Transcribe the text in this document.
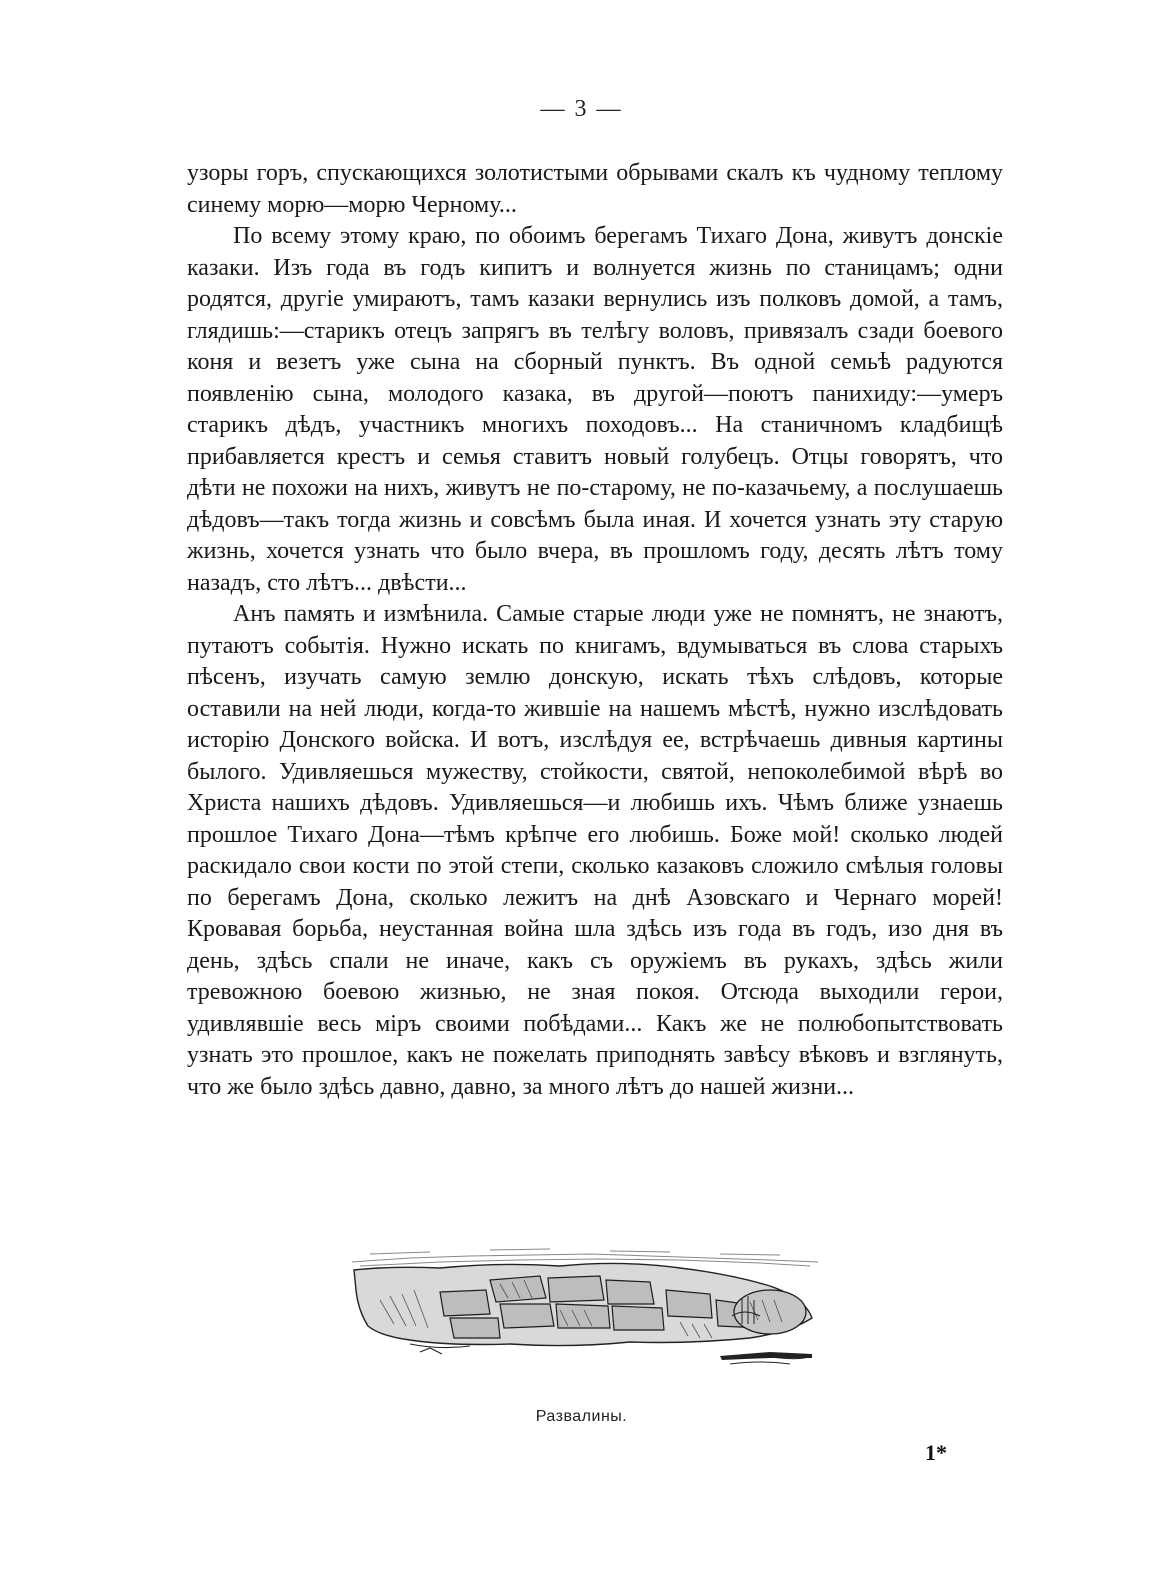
— 3 —

узоры горъ, спускающихся золотистыми обрывами скалъ къ чудному теплому синему морю—морю Черному...

По всему этому краю, по обоимъ берегамъ Тихаго Дона, живутъ донскіе казаки. Изъ года въ годъ кипитъ и волнуется жизнь по станицамъ; одни родятся, другіе умираютъ, тамъ казаки вернулись изъ полковъ домой, а тамъ, глядишь:—старикъ отецъ запрягъ въ телѣгу воловъ, привязалъ сзади боевого коня и везетъ уже сына на сборный пунктъ. Въ одной семьѣ радуются появленію сына, молодого казака, въ другой—поютъ панихиду:—умеръ старикъ дѣдъ, участникъ многихъ походовъ... На станичномъ кладбищѣ прибавляется крестъ и семья ставитъ новый голубецъ. Отцы говорятъ, что дѣти не похожи на нихъ, живутъ не по-старому, не по-казачьему, а послушаешь дѣдовъ—такъ тогда жизнь и совсѣмъ была иная. И хочется узнать эту старую жизнь, хочется узнать что было вчера, въ прошломъ году, десять лѣтъ тому назадъ, сто лѣтъ... двѣсти...

Анъ память и измѣнила. Самые старые люди уже не помнятъ, не знаютъ, путаютъ событія. Нужно искать по книгамъ, вдумываться въ слова старыхъ пѣсенъ, изучать самую землю донскую, искать тѣхъ слѣдовъ, которые оставили на ней люди, когда-то жившіе на нашемъ мѣстѣ, нужно изслѣдовать исторію Донского войска. И вотъ, изслѣдуя ее, встрѣчаешь дивныя картины былого. Удивляешься мужеству, стойкости, святой, непоколебимой вѣрѣ во Христа нашихъ дѣдовъ. Удивляешься—и любишь ихъ. Чѣмъ ближе узнаешь прошлое Тихаго Дона—тѣмъ крѣпче его любишь. Боже мой! сколько людей раскидало свои кости по этой степи, сколько казаковъ сложило смѣлыя головы по берегамъ Дона, сколько лежитъ на днѣ Азовскаго и Чернаго морей! Кровавая борьба, неустанная война шла здѣсь изъ года въ годъ, изо дня въ день, здѣсь спали не иначе, какъ съ оружіемъ въ рукахъ, здѣсь жили тревожною боевою жизнью, не зная покоя. Отсюда выходили герои, удивлявшіе весь міръ своими побѣдами... Какъ же не полюбопытствовать узнать это прошлое, какъ не пожелать приподнять завѣсу вѣковъ и взглянуть, что же было здѣсь давно, давно, за много лѣтъ до нашей жизни...

Развалины.
1*
